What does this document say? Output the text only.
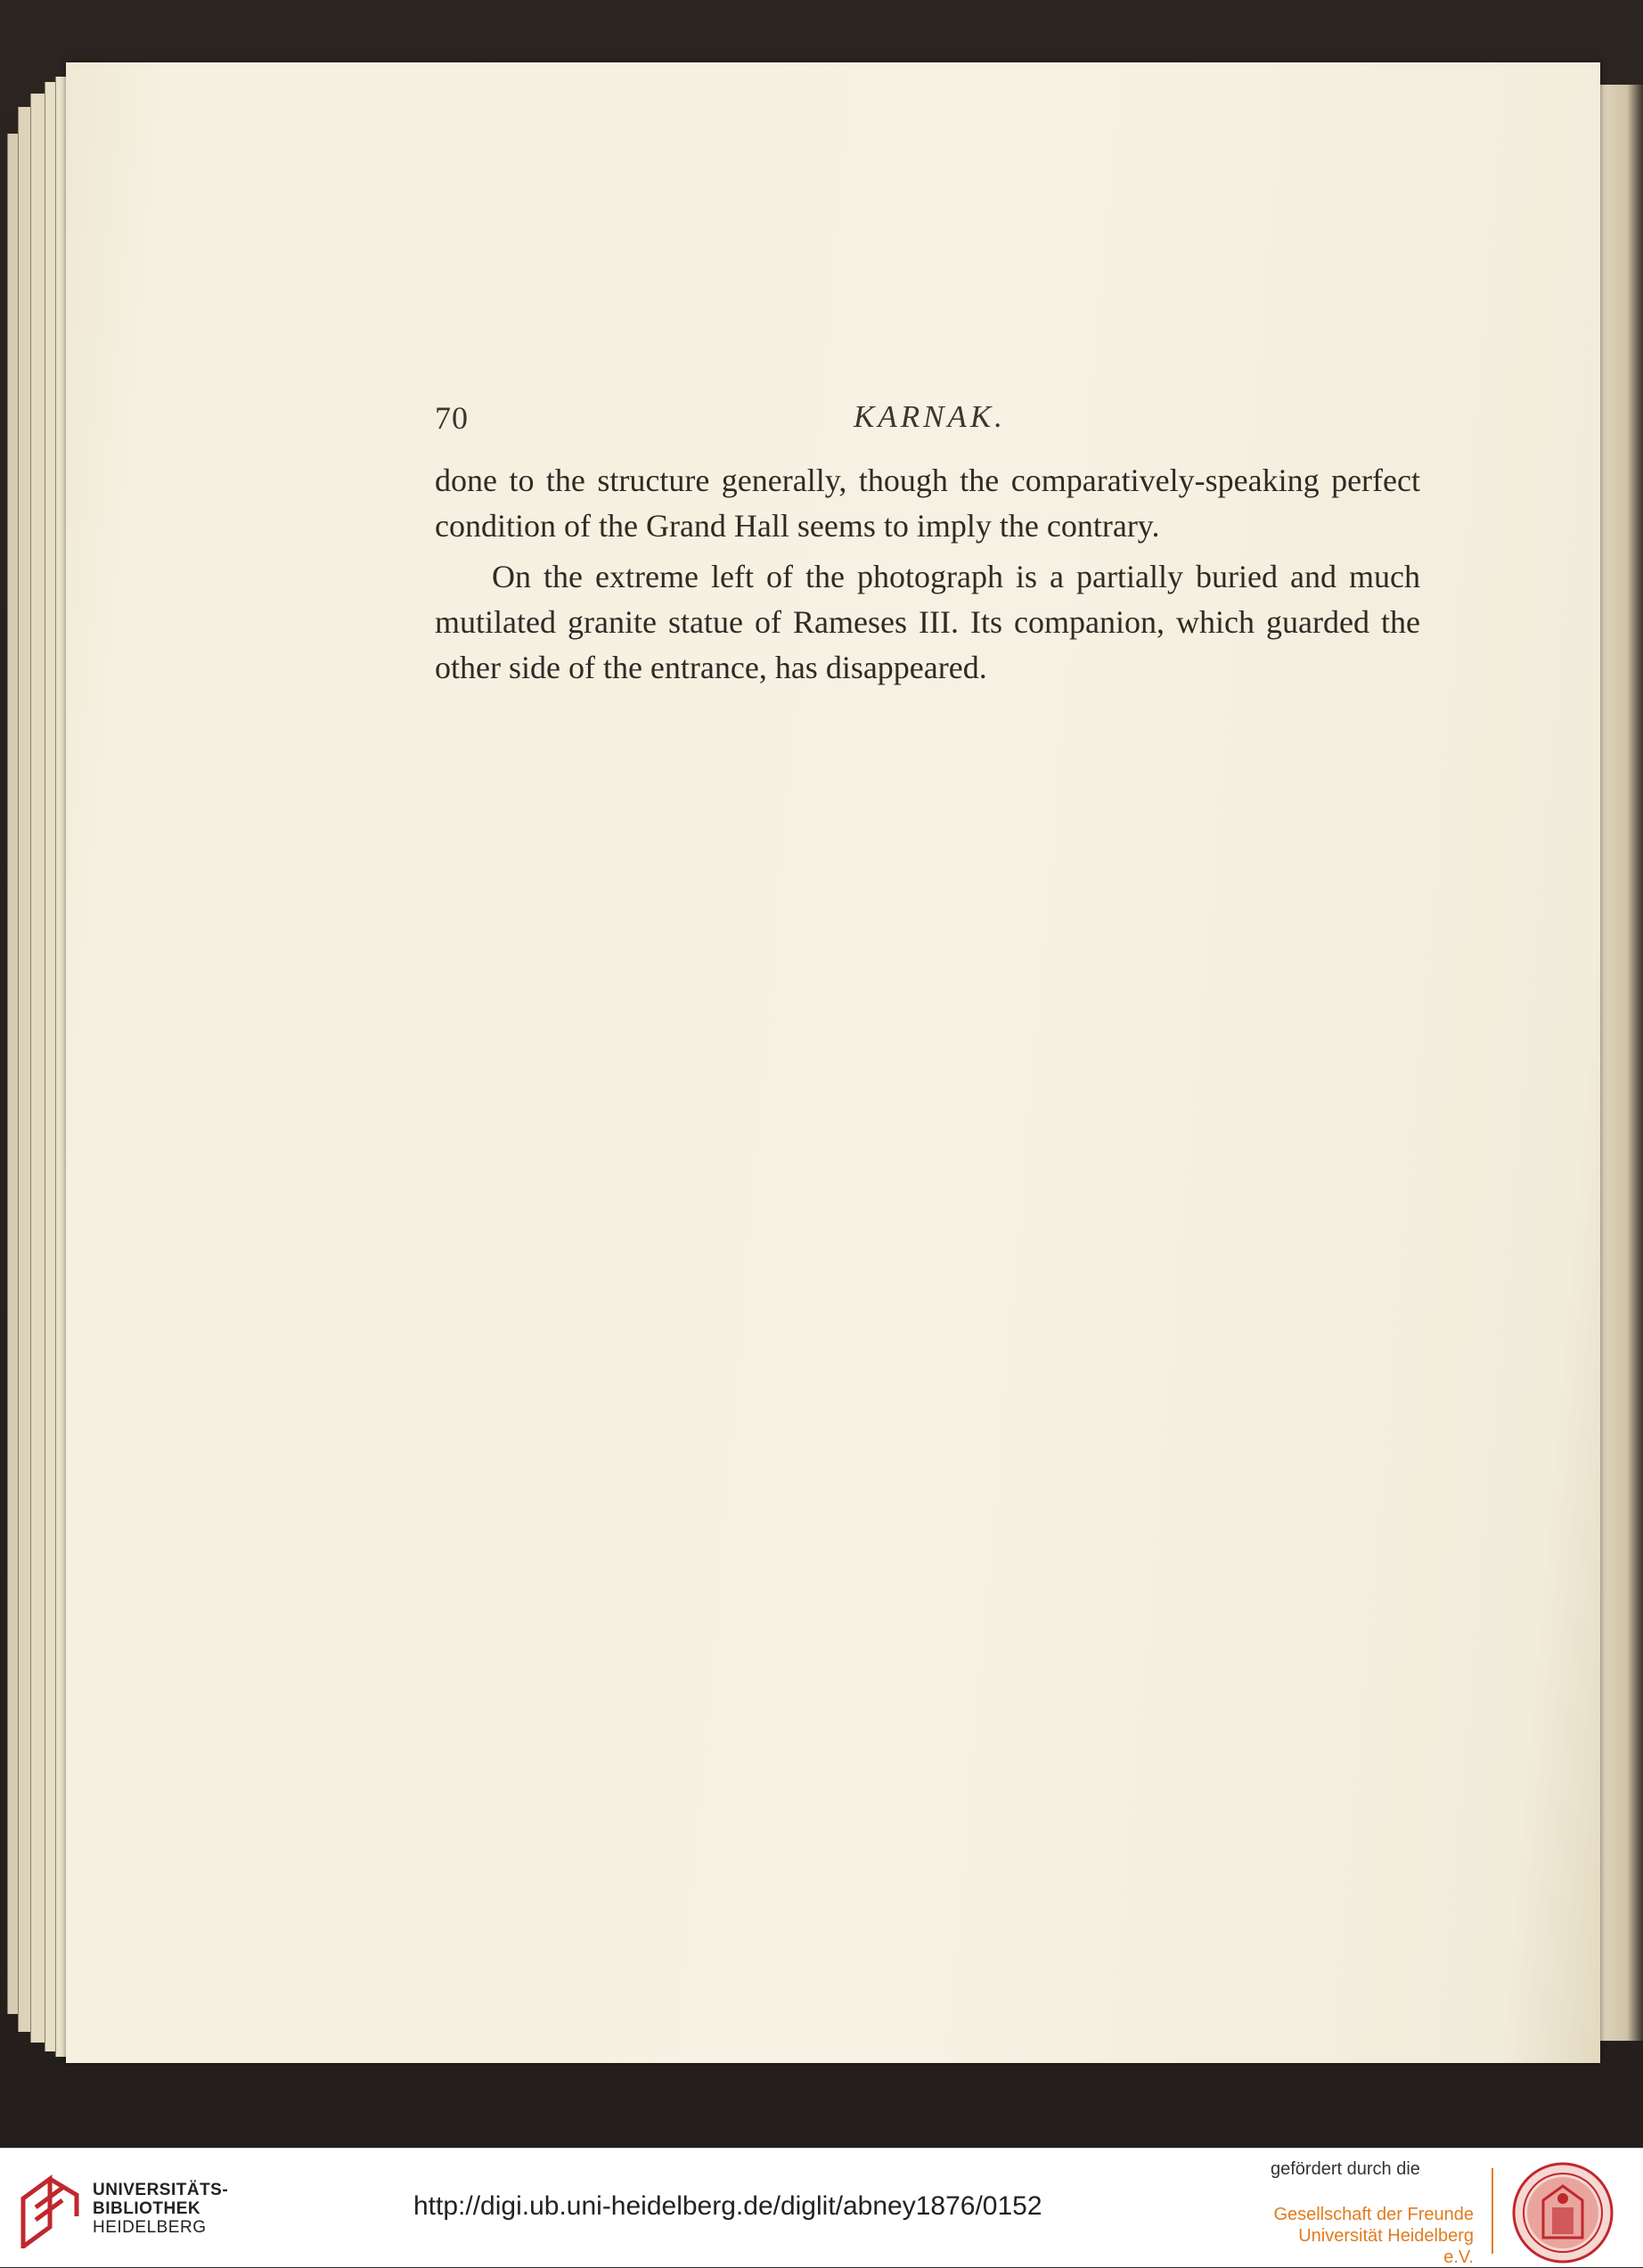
70	KARNAK.

done to the structure generally, though the comparatively-speaking perfect condition of the Grand Hall seems to imply the contrary.

On the extreme left of the photograph is a partially buried and much mutilated granite statue of Rameses III. Its companion, which guarded the other side of the entrance, has disappeared.

UNIVERSITÄTS-
BIBLIOTHEK
HEIDELBERG
http://digi.ub.uni-heidelberg.de/diglit/abney1876/0152
gefördert durch die
Gesellschaft der Freunde
Universität Heidelberg e.V.
